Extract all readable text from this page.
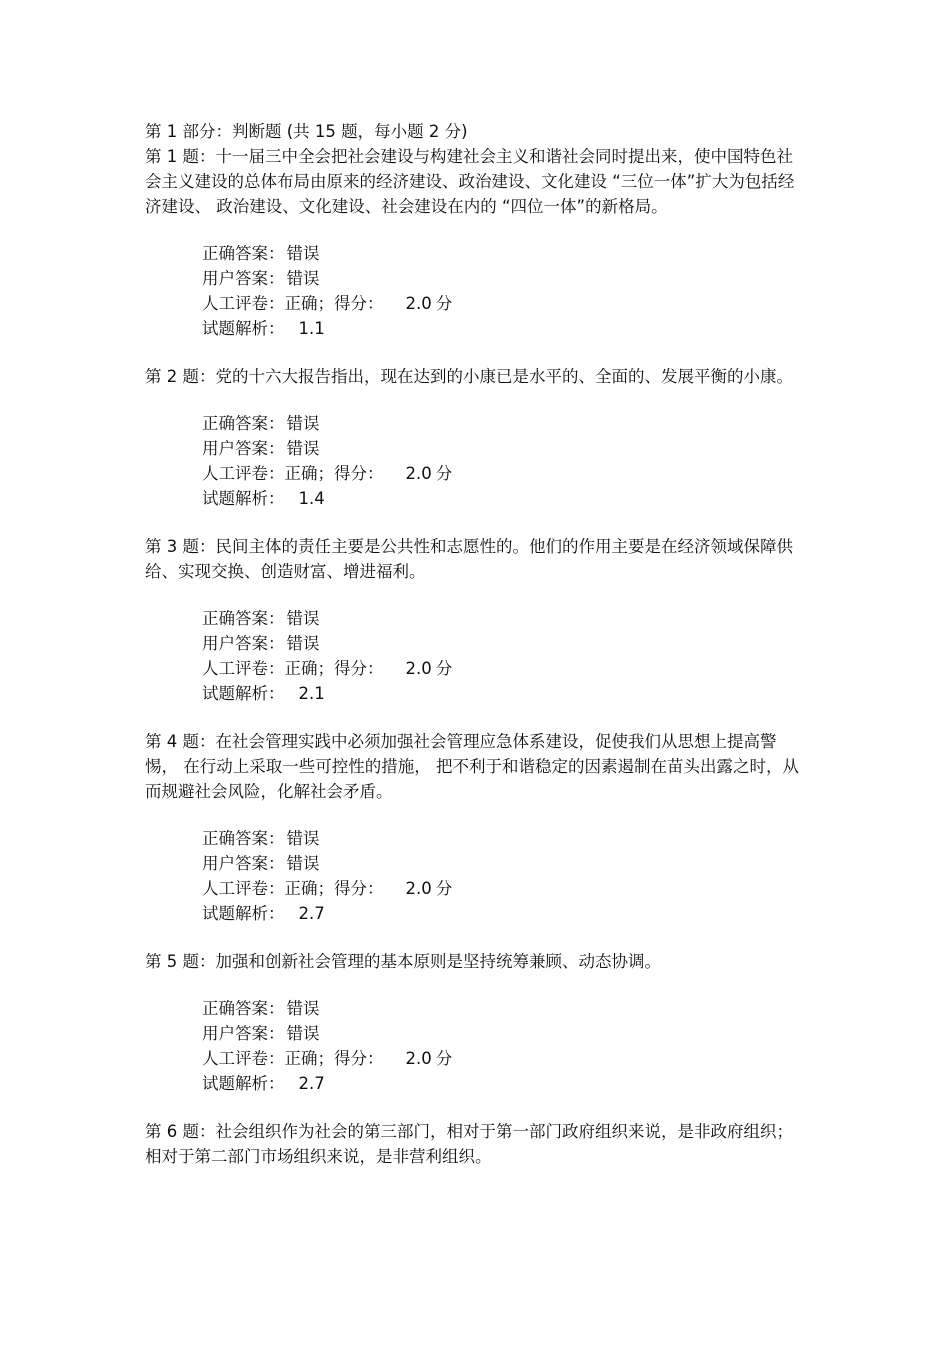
第 1 部分：判断题 (共 15 题，每小题 2 分)

第 1 题：十一届三中全会把社会建设与构建社会主义和谐社会同时提出来，使中国特色社会主义建设的总体布局由原来的经济建设、政治建设、文化建设 “三位一体”扩大为包括经济建设、 政治建设、文化建设、社会建设在内的 “四位一体”的新格局。

正确答案： 错误
用户答案： 错误
人工评卷：正确；得分： 2.0 分
试题解析： 1.1

第 2 题：党的十六大报告指出，现在达到的小康已是水平的、全面的、发展平衡的小康。

正确答案： 错误
用户答案： 错误
人工评卷：正确；得分： 2.0 分
试题解析： 1.4

第 3 题：民间主体的责任主要是公共性和志愿性的。他们的作用主要是在经济领域保障供给、实现交换、创造财富、增进福利。

正确答案： 错误
用户答案： 错误
人工评卷：正确；得分： 2.0 分
试题解析： 2.1

第 4 题：在社会管理实践中必须加强社会管理应急体系建设，促使我们从思想上提高警惕， 在行动上采取一些可控性的措施， 把不利于和谐稳定的因素遏制在苗头出露之时，从而规避社会风险，化解社会矛盾。

正确答案： 错误
用户答案： 错误
人工评卷：正确；得分： 2.0 分
试题解析： 2.7

第 5 题：加强和创新社会管理的基本原则是坚持统筹兼顾、动态协调。

正确答案： 错误
用户答案： 错误
人工评卷：正确；得分： 2.0 分
试题解析： 2.7

第 6 题：社会组织作为社会的第三部门，相对于第一部门政府组织来说，是非政府组织；相对于第二部门市场组织来说，是非营利组织。
